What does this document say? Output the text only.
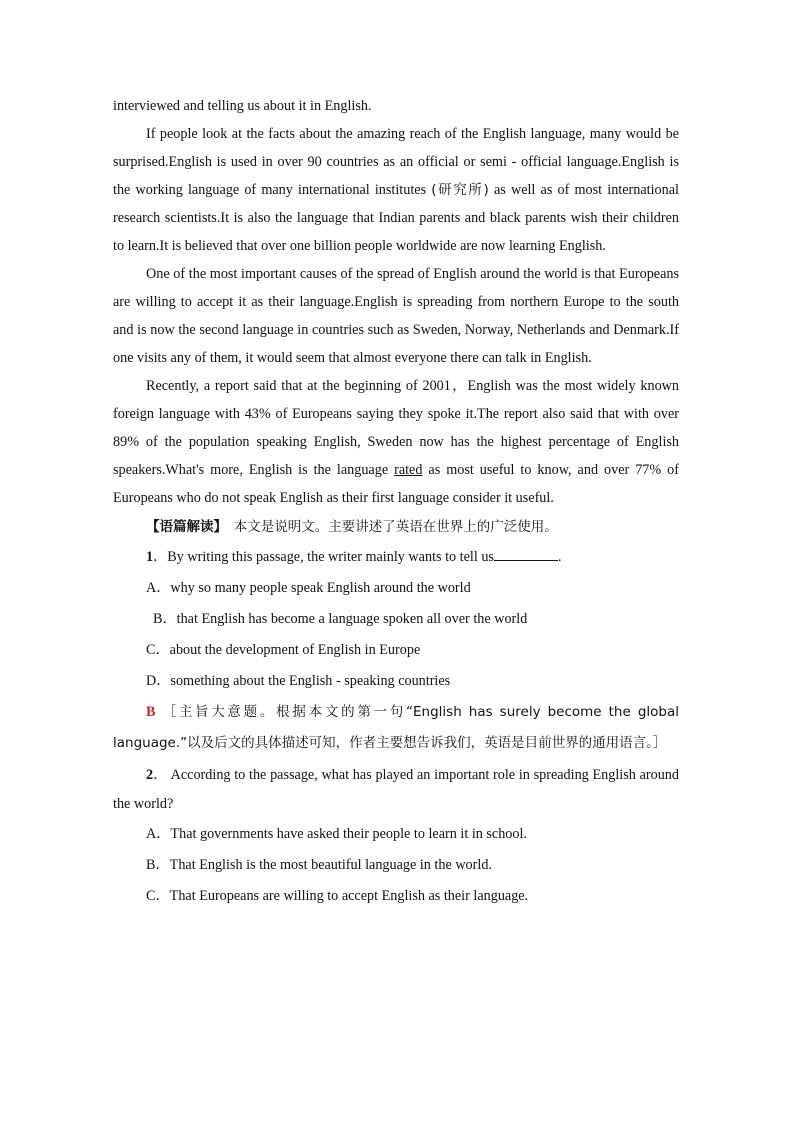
interviewed and telling us about it in English.

If people look at the facts about the amazing reach of the English language, many would be surprised.English is used in over 90 countries as an official or semi - official language.English is the working language of many international institutes (研究所) as well as of most international research scientists.It is also the language that Indian parents and black parents wish their children to learn.It is believed that over one billion people worldwide are now learning English.

One of the most important causes of the spread of English around the world is that Europeans are willing to accept it as their language.English is spreading from northern Europe to the south and is now the second language in countries such as Sweden, Norway, Netherlands and Denmark.If one visits any of them, it would seem that almost everyone there can talk in English.

Recently, a report said that at the beginning of 2001，English was the most widely known foreign language with 43% of Europeans saying they spoke it.The report also said that with over 89% of the population speaking English, Sweden now has the highest percentage of English speakers.What's more, English is the language rated as most useful to know, and over 77% of Europeans who do not speak English as their first language consider it useful.

【语篇解读】　本文是说明文。主要讲述了英语在世界上的广泛使用。

1．By writing this passage, the writer mainly wants to tell us	.

A．why so many people speak English around the world

B．that English has become a language spoken all over the world

C．about the development of English in Europe

D．something about the English - speaking countries

B ［主旨大意题。根据本文的第一句“English has surely become the global language.”以及后文的具体描述可知，作者主要想告诉我们，英语是目前世界的通用语言。］

2． According to the passage, what has played an important role in spreading English around the world?

A．That governments have asked their people to learn it in school.

B．That English is the most beautiful language in the world.

C．That Europeans are willing to accept English as their language.
